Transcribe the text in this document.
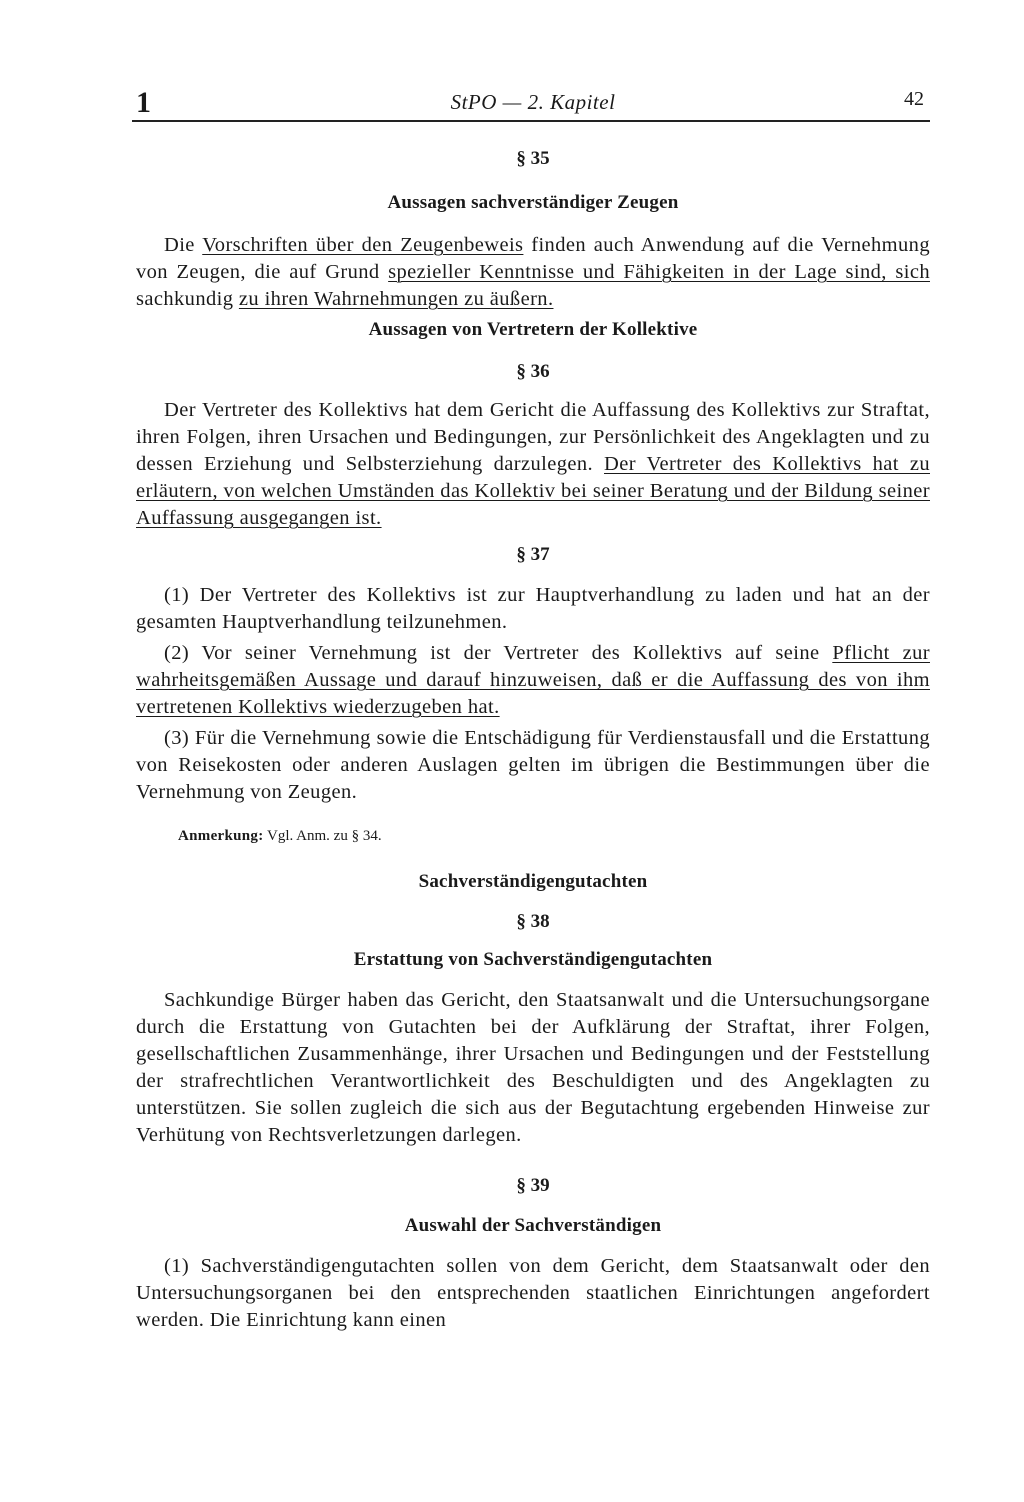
1	StPO — 2. Kapitel	42

§ 35

Aussagen sachverständiger Zeugen

Die Vorschriften über den Zeugenbeweis finden auch Anwendung auf die Vernehmung von Zeugen, die auf Grund spezieller Kenntnisse und Fähigkeiten in der Lage sind, sich sachkundig zu ihren Wahrnehmungen zu äußern.

Aussagen von Vertretern der Kollektive

§ 36

Der Vertreter des Kollektivs hat dem Gericht die Auffassung des Kollektivs zur Straftat, ihren Folgen, ihren Ursachen und Bedingungen, zur Persönlichkeit des Angeklagten und zu dessen Erziehung und Selbsterziehung darzulegen. Der Vertreter des Kollektivs hat zu erläutern, von welchen Umständen das Kollektiv bei seiner Beratung und der Bildung seiner Auffassung ausgegangen ist.

§ 37

(1) Der Vertreter des Kollektivs ist zur Hauptverhandlung zu laden und hat an der gesamten Hauptverhandlung teilzunehmen.

(2) Vor seiner Vernehmung ist der Vertreter des Kollektivs auf seine Pflicht zur wahrheitsgemäßen Aussage und darauf hinzuweisen, daß er die Auffassung des von ihm vertretenen Kollektivs wiederzugeben hat.

(3) Für die Vernehmung sowie die Entschädigung für Verdienstausfall und die Erstattung von Reisekosten oder anderen Auslagen gelten im übrigen die Bestimmungen über die Vernehmung von Zeugen.

Anmerkung: Vgl. Anm. zu § 34.

Sachverständigengutachten

§ 38

Erstattung von Sachverständigengutachten

Sachkundige Bürger haben das Gericht, den Staatsanwalt und die Untersuchungsorgane durch die Erstattung von Gutachten bei der Aufklärung der Straftat, ihrer Folgen, gesellschaftlichen Zusammenhänge, ihrer Ursachen und Bedingungen und der Feststellung der strafrechtlichen Verantwortlichkeit des Beschuldigten und des Angeklagten zu unterstützen. Sie sollen zugleich die sich aus der Begutachtung ergebenden Hinweise zur Verhütung von Rechtsverletzungen darlegen.

§ 39

Auswahl der Sachverständigen

(1) Sachverständigengutachten sollen von dem Gericht, dem Staatsanwalt oder den Untersuchungsorganen bei den entsprechenden staatlichen Einrichtungen angefordert werden. Die Einrichtung kann einen
